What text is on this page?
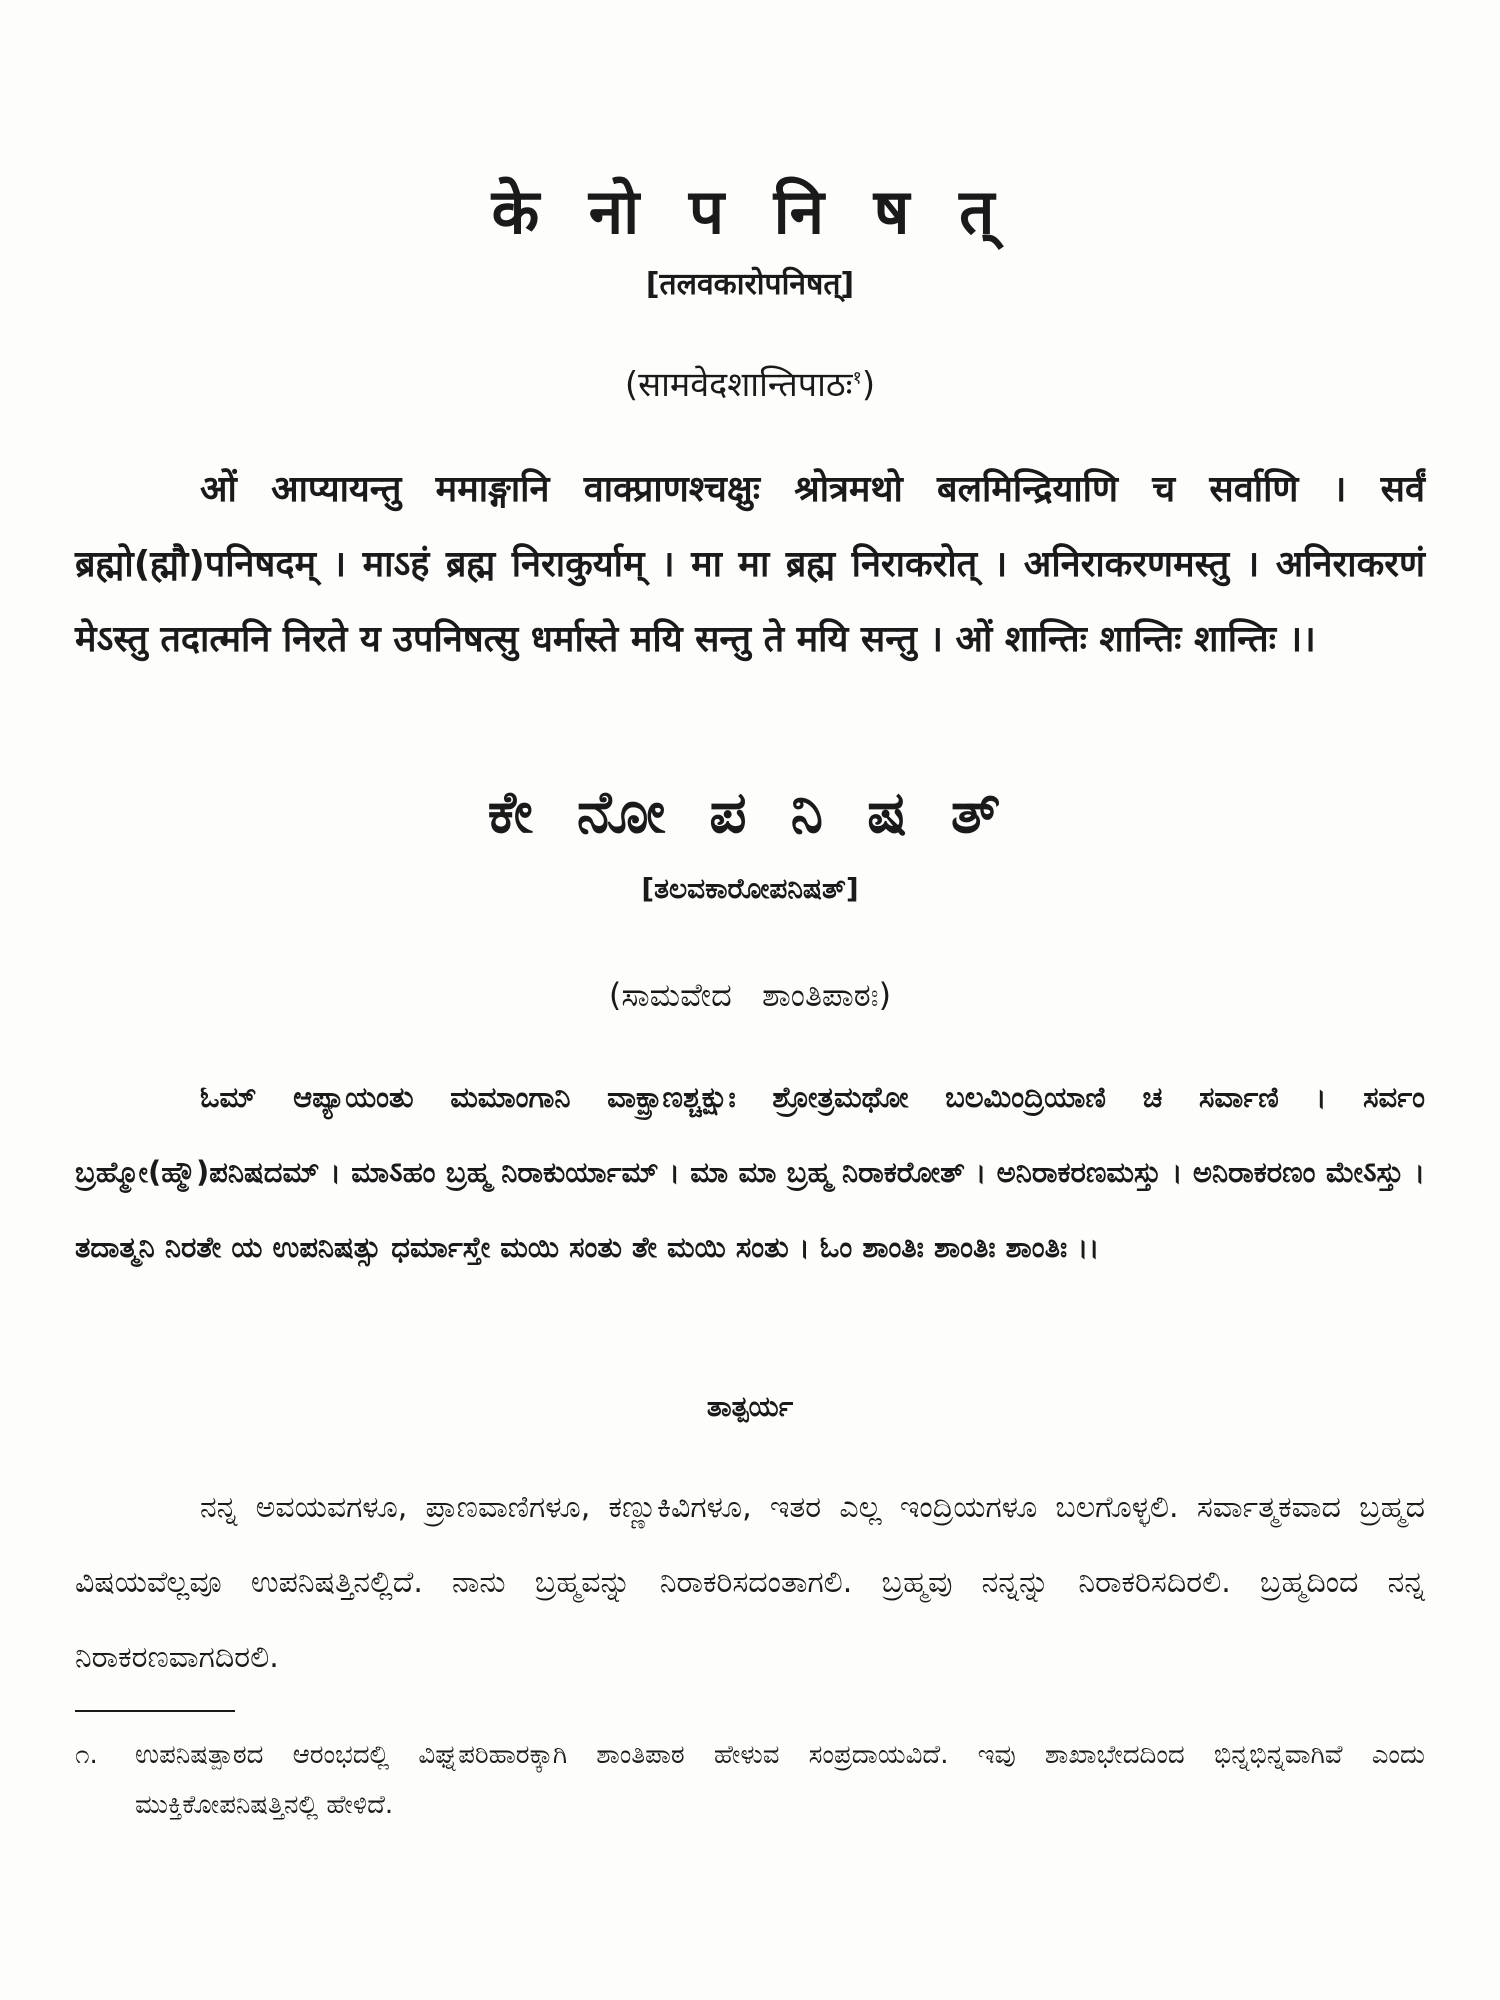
के नो प नि ष त्
[तलवकारोपनिषत्]
(सामवेदशान्तिपाठः$^१$)

ओं आप्यायन्तु ममाङ्गानि वाक्प्राणश्चक्षुः श्रोत्रमथो बलमिन्द्रियाणि च सर्वाणि । सर्वं ब्रह्मो(ह्मौ)पनिषदम् । माऽहं ब्रह्म निराकुर्याम् । मा मा ब्रह्म निराकरोत् । अनिराकरणमस्तु । अनिराकरणं मेऽस्तु तदात्मनि निरते य उपनिषत्सु धर्मास्ते मयि सन्तु ते मयि सन्तु । ओं शान्तिः शान्तिः शान्तिः ।।

ಕೇ ನೋ ಪ ನಿ ಷ ತ್
[ತಲವಕಾರೋಪನಿಷತ್]
(ಸಾಮವೇದ ಶಾಂತಿಪಾಠಃ)

ಓಮ್ ಆಪ್ಯಾಯಂತು ಮಮಾಂಗಾನಿ ವಾಕ್ಪ್ರಾಣಶ್ಚಕ್ಷುಃ ಶ್ರೋತ್ರಮಥೋ ಬಲಮಿಂದ್ರಿಯಾಣಿ ಚ ಸರ್ವಾಣಿ । ಸರ್ವಂ ಬ್ರಹ್ಮೋ(ಹ್ಮೌ)ಪನಿಷದಮ್ । ಮಾऽಹಂ ಬ್ರಹ್ಮ ನಿರಾಕುರ್ಯಾಮ್ । ಮಾ ಮಾ ಬ್ರಹ್ಮ ನಿರಾಕರೋತ್ । ಅನಿರಾಕರಣಮಸ್ತು । ಅನಿರಾಕರಣಂ ಮೇऽಸ್ತು । ತದಾತ್ಮನಿ ನಿರತೇ ಯ ಉಪನಿಷತ್ಸು ಧರ್ಮಾಸ್ತೇ ಮಯಿ ಸಂತು ತೇ ಮಯಿ ಸಂತು । ಓಂ ಶಾಂತಿಃ ಶಾಂತಿಃ ಶಾಂತಿಃ ।।

ತಾತ್ಪರ್ಯ

ನನ್ನ ಅವಯವಗಳೂ, ಪ್ರಾಣವಾಣಿಗಳೂ, ಕಣ್ಣುಕಿವಿಗಳೂ, ಇತರ ಎಲ್ಲ ಇಂದ್ರಿಯಗಳೂ ಬಲಗೊಳ್ಳಲಿ. ಸರ್ವಾತ್ಮಕವಾದ ಬ್ರಹ್ಮದ ವಿಷಯವೆಲ್ಲವೂ ಉಪನಿಷತ್ತಿನಲ್ಲಿದೆ. ನಾನು ಬ್ರಹ್ಮವನ್ನು ನಿರಾಕರಿಸದಂತಾಗಲಿ. ಬ್ರಹ್ಮವು ನನ್ನನ್ನು ನಿರಾಕರಿಸದಿರಲಿ. ಬ್ರಹ್ಮದಿಂದ ನನ್ನ ನಿರಾಕರಣವಾಗದಿರಲಿ.

೧.	ಉಪನಿಷತ್ಪಾಠದ ಆರಂಭದಲ್ಲಿ ವಿಘ್ನಪರಿಹಾರಕ್ಕಾಗಿ ಶಾಂತಿಪಾಠ ಹೇಳುವ ಸಂಪ್ರದಾಯವಿದೆ. ಇವು ಶಾಖಾಭೇದದಿಂದ ಭಿನ್ನಭಿನ್ನವಾಗಿವೆ ಎಂದು ಮುಕ್ತಿಕೋಪನಿಷತ್ತಿನಲ್ಲಿ ಹೇಳಿದೆ.
